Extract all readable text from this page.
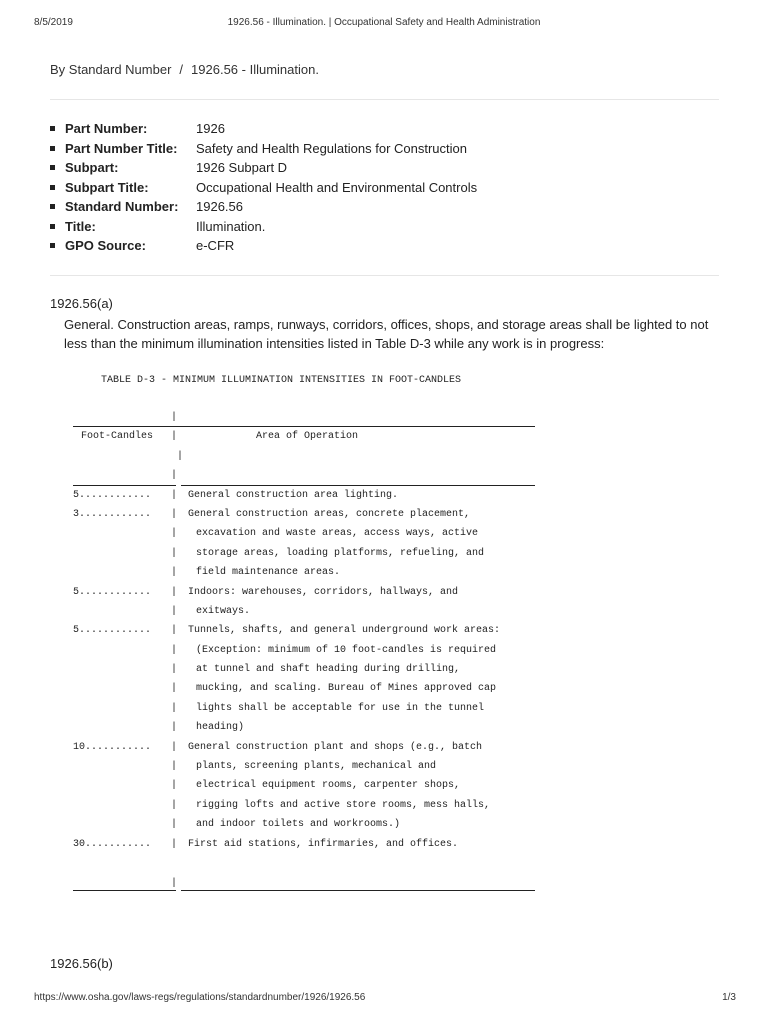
8/5/2019	1926.56 - Illumination. | Occupational Safety and Health Administration
By Standard Number / 1926.56 - Illumination.
Part Number:	1926
Part Number Title: Safety and Health Regulations for Construction
Subpart:	1926 Subpart D
Subpart Title:	Occupational Health and Environmental Controls
Standard Number: 1926.56
Title:	Illumination.
GPO Source:	e-CFR
1926.56(a)
General. Construction areas, ramps, runways, corridors, offices, shops, and storage areas shall be lighted to not less than the minimum illumination intensities listed in Table D-3 while any work is in progress:
TABLE D-3 - MINIMUM ILLUMINATION INTENSITIES IN FOOT-CANDLES

|

Foot-Candles

|

	Area of Operation

|

|

5............ | General construction area lighting.
3............ | General construction areas, concrete placement,
| excavation and waste areas, access ways, active
| storage areas, loading platforms, refueling, and
| field maintenance areas.
5............ | Indoors: warehouses, corridors, hallways, and
| exitways.
5............ | Tunnels, shafts, and general underground work areas:
| (Exception: minimum of 10 foot-candles is required
| at tunnel and shaft heading during drilling,
| mucking, and scaling. Bureau of Mines approved cap
| lights shall be acceptable for use in the tunnel
| heading)
10........... | General construction plant and shops (e.g., batch
| plants, screening plants, mechanical and
| electrical equipment rooms, carpenter shops,
| rigging lofts and active store rooms, mess halls,
| and indoor toilets and workrooms.)
30........... | First aid stations, infirmaries, and offices.
|
1926.56(b)
https://www.osha.gov/laws-regs/regulations/standardnumber/1926/1926.56	1/3
